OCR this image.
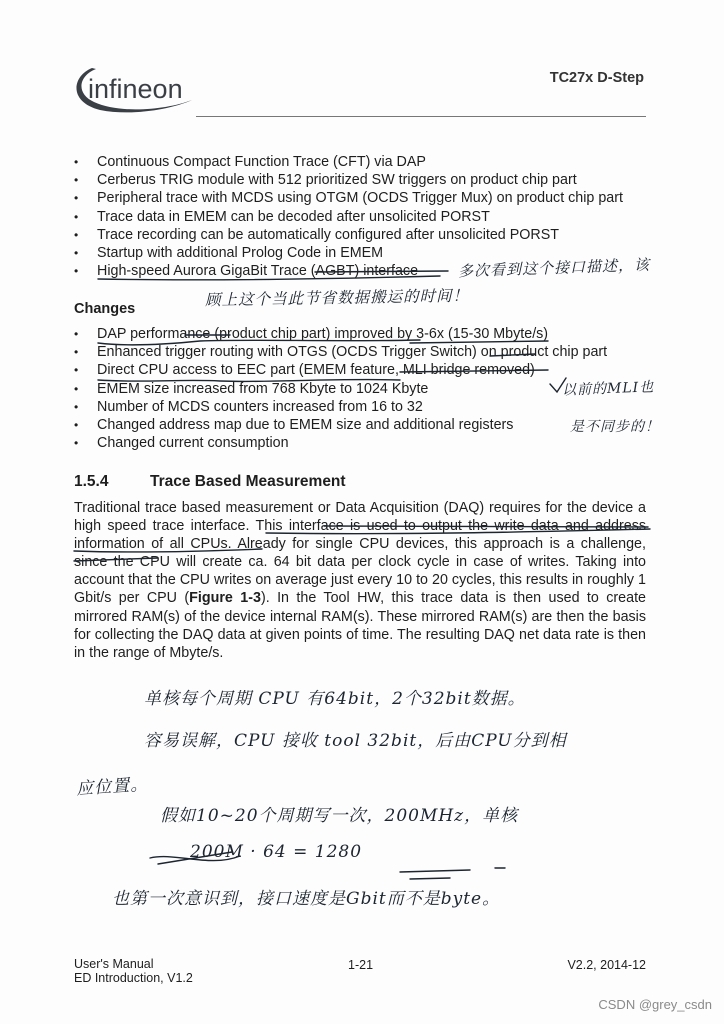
infineon	TC27x D-Step
• Continuous Compact Function Trace (CFT) via DAP
• Cerberus TRIG module with 512 prioritized SW triggers on product chip part
• Peripheral trace with MCDS using OTGM (OCDS Trigger Mux) on product chip part
• Trace data in EMEM can be decoded after unsolicited PORST
• Trace recording can be automatically configured after unsolicited PORST
• Startup with additional Prolog Code in EMEM
• High-speed Aurora GigaBit Trace (AGBT) interface
Changes
• DAP performance (product chip part) improved by 3-6x (15-30 Mbyte/s)
• Enhanced trigger routing with OTGS (OCDS Trigger Switch) on product chip part
• Direct CPU access to EEC part (EMEM feature, MLI bridge removed)
• EMEM size increased from 768 Kbyte to 1024 Kbyte
• Number of MCDS counters increased from 16 to 32
• Changed address map due to EMEM size and additional registers
• Changed current consumption
1.5.4	Trace Based Measurement
Traditional trace based measurement or Data Acquisition (DAQ) requires for the device a high speed trace interface. This interface is used to output the write data and address information of all CPUs. Already for single CPU devices, this approach is a challenge, since the CPU will create ca. 64 bit data per clock cycle in case of writes. Taking into account that the CPU writes on average just every 10 to 20 cycles, this results in roughly 1 Gbit/s per CPU (Figure 1-3). In the Tool HW, this trace data is then used to create mirrored RAM(s) of the device internal RAM(s). These mirrored RAM(s) are then the basis for collecting the DAQ data at given points of time. The resulting DAQ net data rate is then in the range of Mbyte/s.
多次看到这个接口描述，该
顾上这个当此节省数据搬运的时间！
以前的MLI也
是不同步的！
单核每个周期 CPU 有64bit，2个32bit数据。
容易误解，CPU 接收 tool 32bit，后由CPU分到相
应位置。
假如10~20个周期写一次，200MHz，单核
200M · 64 = 1280
也第一次意识到，接口速度是Gbit而不是byte。
User's Manual
ED Introduction, V1.2
1-21	V2.2, 2014-12
CSDN @grey_csdn
